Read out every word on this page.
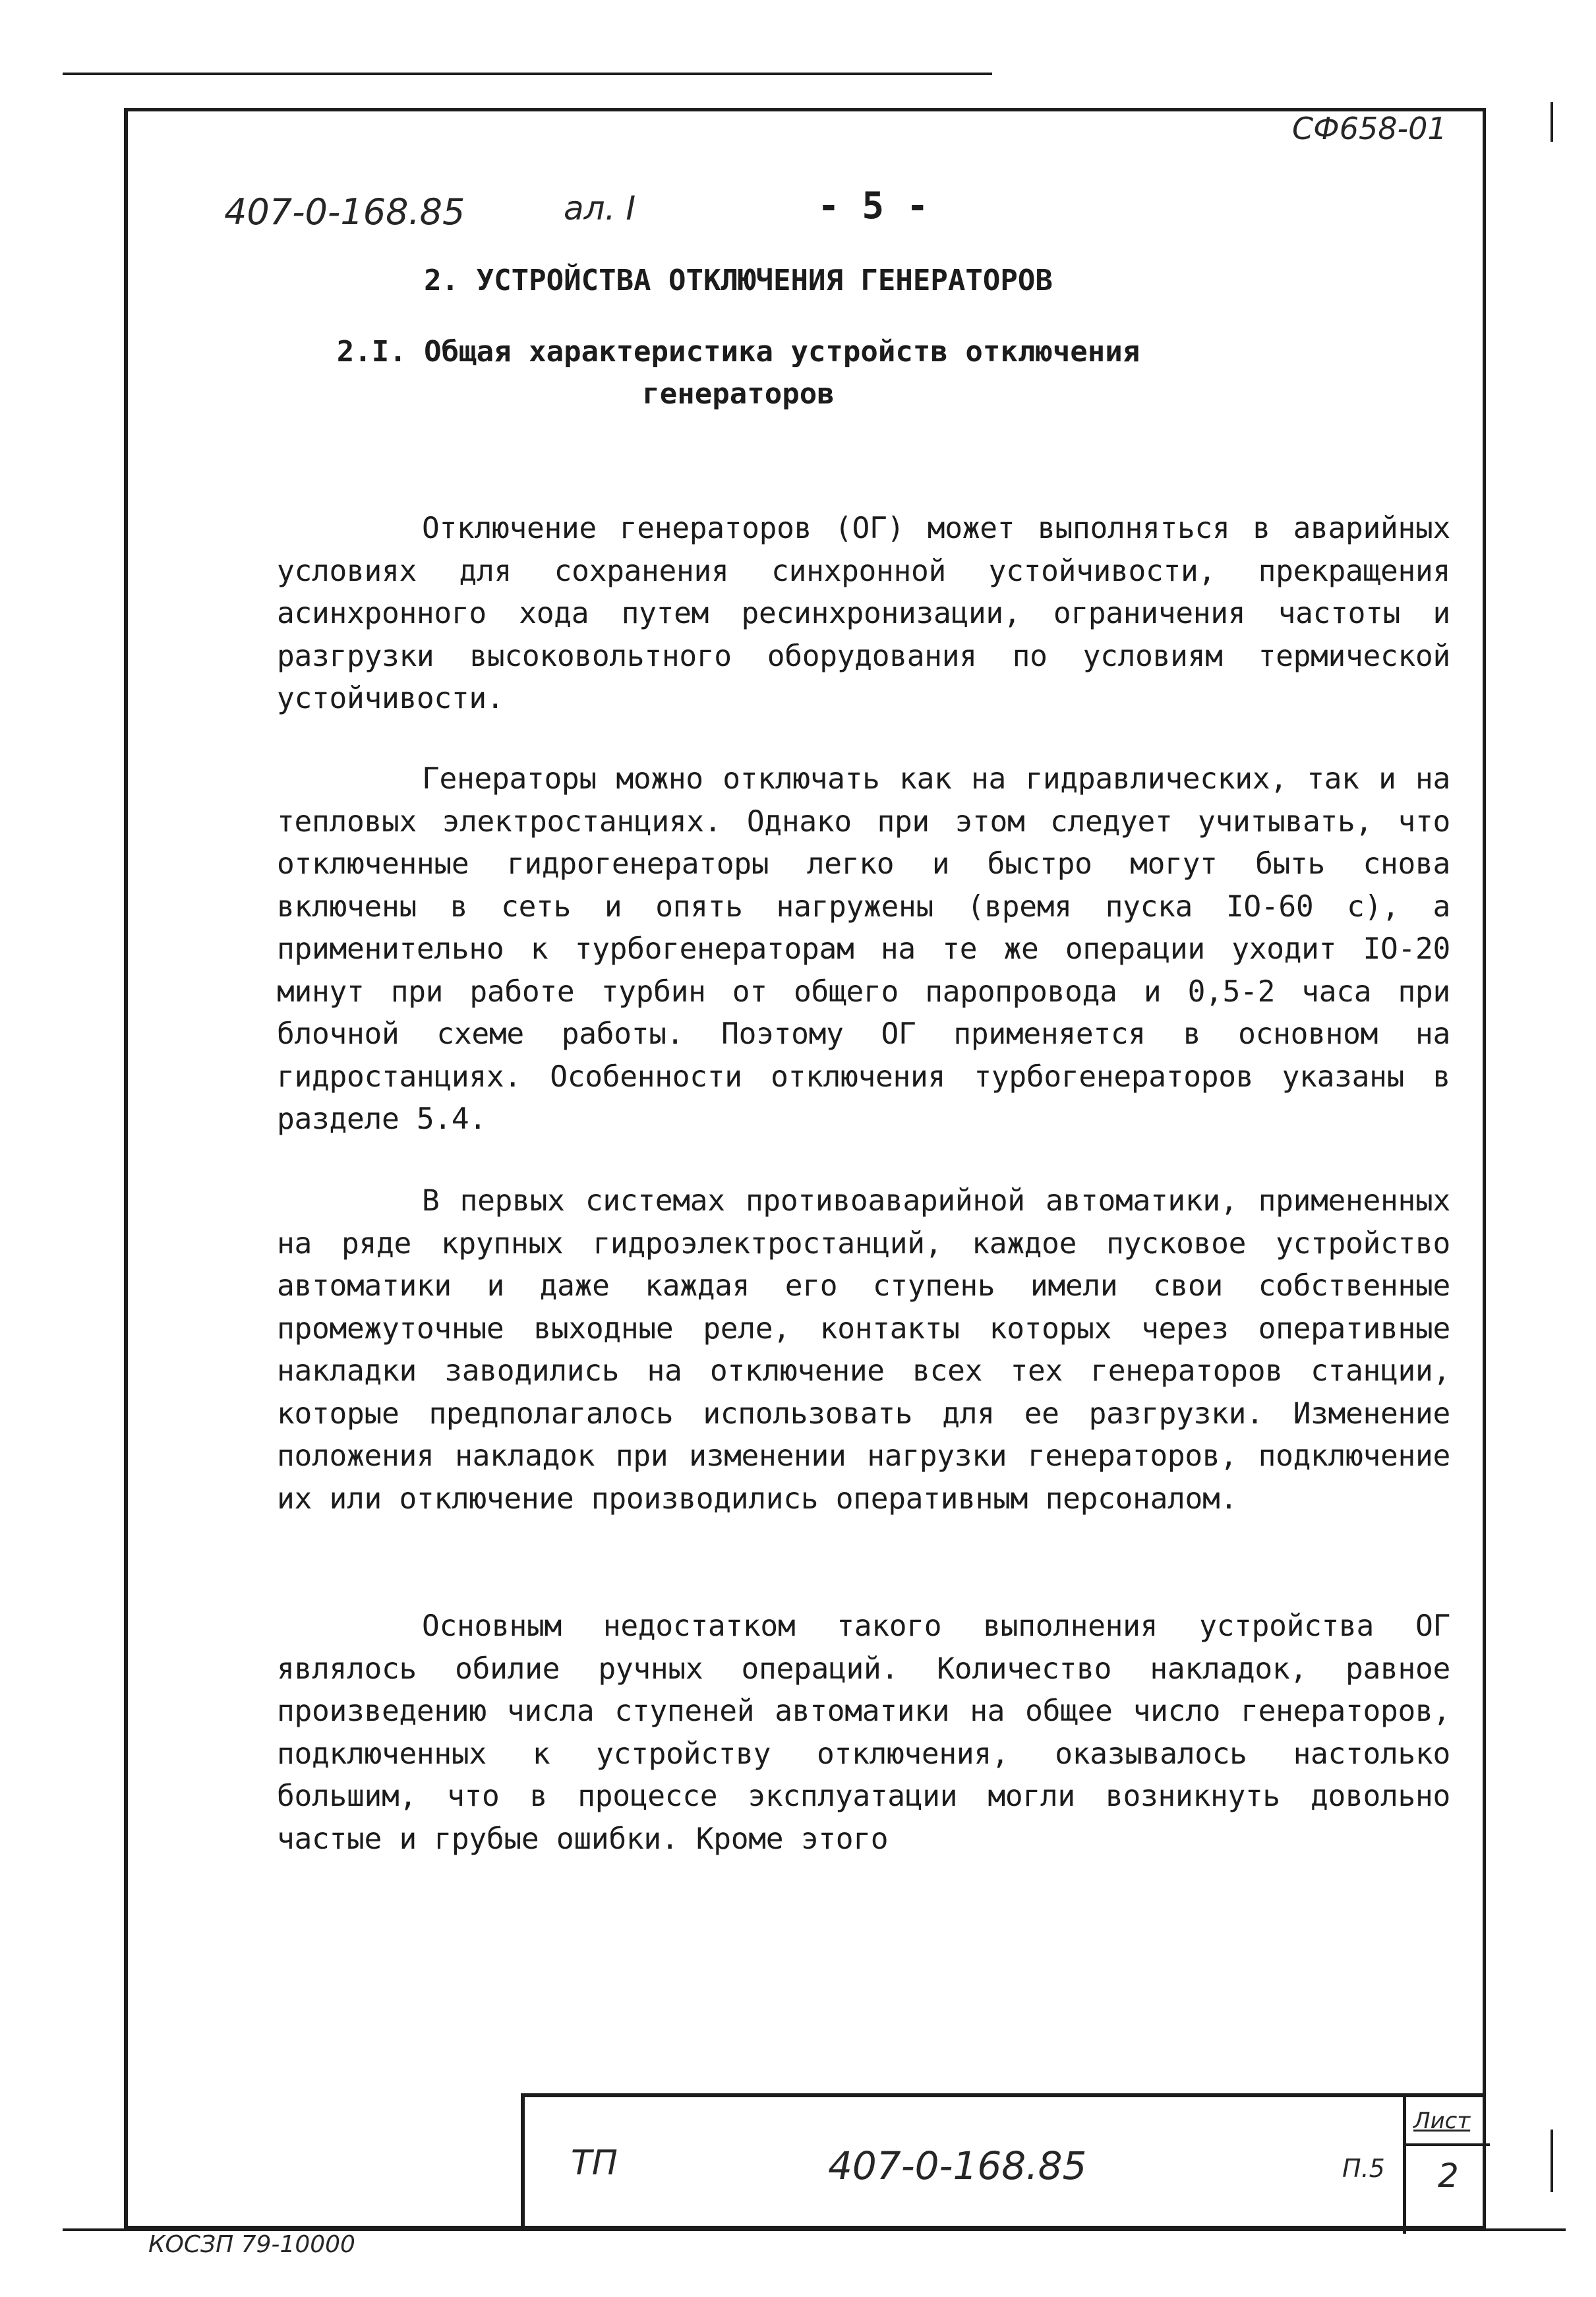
СФ658-01
407-0-168.85	ал. I	- 5 -
2. УСТРОЙСТВА ОТКЛЮЧЕНИЯ ГЕНЕРАТОРОВ
2.I. Общая характеристика устройств отключения
генераторов
Отключение генераторов (ОГ) может выполняться в аварийных условиях для сохранения синхронной устойчивости, прекращения асинхронного хода путем ресинхронизации, ограничения частоты и разгрузки высоковольтного оборудования по условиям термической устойчивости.
Генераторы можно отключать как на гидравлических, так и на тепловых электростанциях. Однако при этом следует учитывать, что отключенные гидрогенераторы легко и быстро могут быть снова включены в сеть и опять нагружены (время пуска IO-60 с), а применительно к турбогенераторам на те же операции уходит IO-20 минут при работе турбин от общего паропровода и 0,5-2 часа при блочной схеме работы. Поэтому ОГ применяется в основном на гидростанциях. Особенности отключения турбогенераторов указаны в разделе 5.4.
В первых системах противоаварийной автоматики, примененных на ряде крупных гидроэлектростанций, каждое пусковое устройство автоматики и даже каждая его ступень имели свои собственные промежуточные выходные реле, контакты которых через оперативные накладки заводились на отключение всех тех генераторов станции, которые предполагалось использовать для ее разгрузки. Изменение положения накладок при изменении нагрузки генераторов, подключение их или отключение производились оперативным персоналом.
Основным недостатком такого выполнения устройства ОГ являлось обилие ручных операций. Количество накладок, равное произведению числа ступеней автоматики на общее число генераторов, подключенных к устройству отключения, оказывалось настолько большим, что в процессе эксплуатации могли возникнуть довольно частые и грубые ошибки. Кроме этого
ТП	407-0-168.85	П.5
Лист
2
КОСЗП 79-10000
